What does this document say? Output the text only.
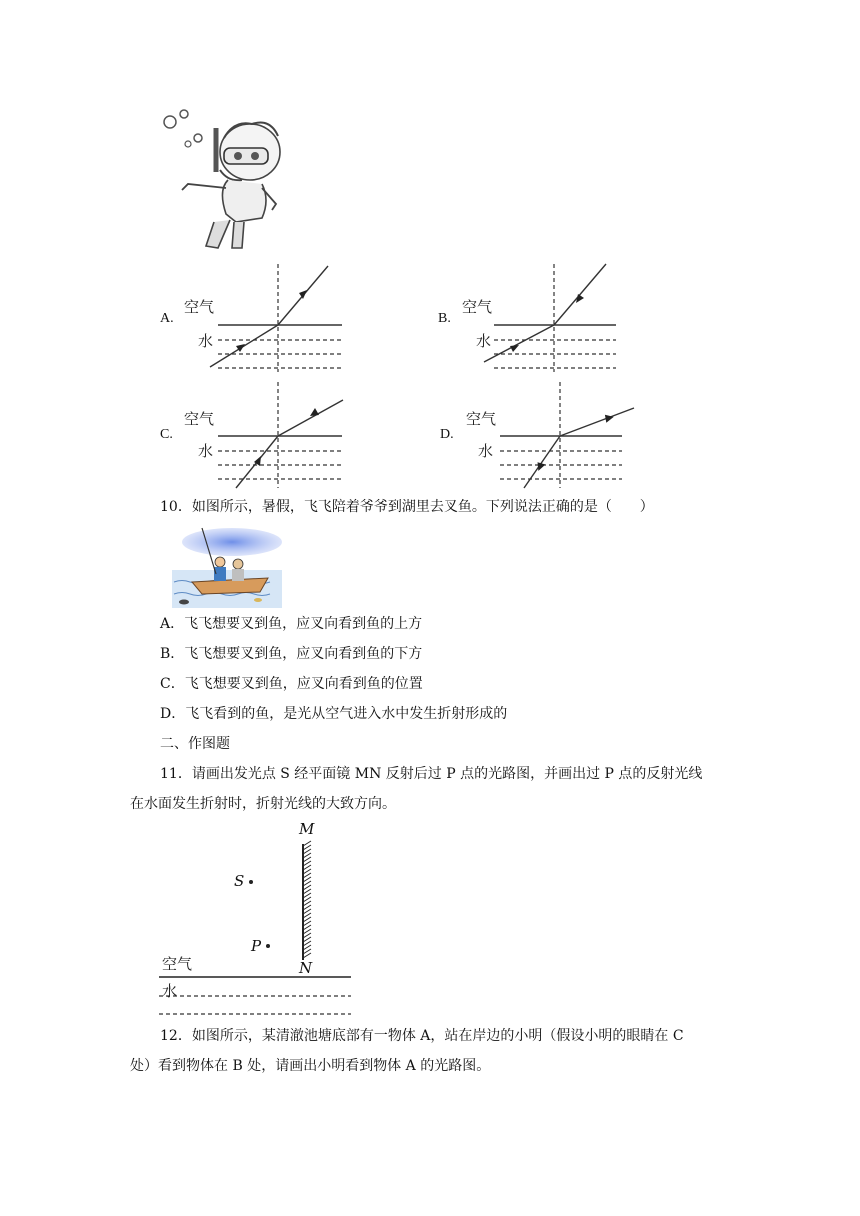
A.
空气
水
B.
空气
水
C.
空气
水
D.
空气
水
10．如图所示，暑假，飞飞陪着爷爷到湖里去叉鱼。下列说法正确的是（　　）
A．飞飞想要叉到鱼，应叉向看到鱼的上方
B．飞飞想要叉到鱼，应叉向看到鱼的下方
C．飞飞想要叉到鱼，应叉向看到鱼的位置
D．飞飞看到的鱼，是光从空气进入水中发生折射形成的
二、作图题
11．请画出发光点 S 经平面镜 MN 反射后过 P 点的光路图，并画出过 P 点的反射光线
在水面发生折射时，折射光线的大致方向。
M
N
S
P
空气
水
12．如图所示，某清澈池塘底部有一物体 A，站在岸边的小明（假设小明的眼睛在 C
处）看到物体在 B 处，请画出小明看到物体 A 的光路图。
